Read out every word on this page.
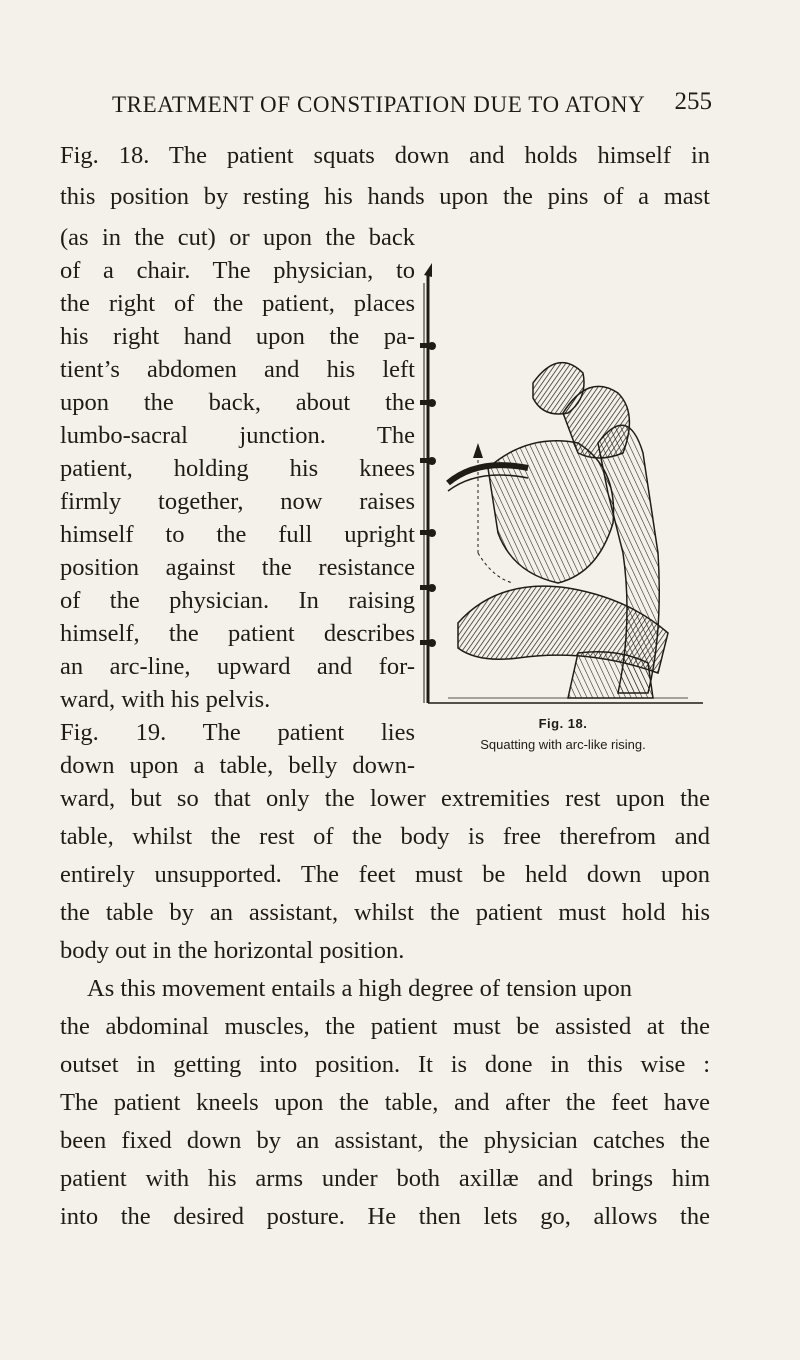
TREATMENT OF CONSTIPATION DUE TO ATONY 255
Fig. 18. The patient squats down and holds himself in
this position by resting his hands upon the pins of a mast
(as in the cut) or upon the back
of a chair. The physician, to
the right of the patient, places
his right hand upon the pa-
tient’s abdomen and his left
upon the back, about the
lumbo-sacral junction. The
patient, holding his knees
firmly together, now raises
himself to the full upright
position against the resistance
of the physician. In raising
himself, the patient describes
an arc-line, upward and for-
ward, with his pelvis.
Fig. 19. The patient lies
down upon a table, belly down-
ward, but so that only the lower extremities rest upon the
table, whilst the rest of the body is free therefrom and
entirely unsupported. The feet must be held down upon
the table by an assistant, whilst the patient must hold his
body out in the horizontal position.
As this movement entails a high degree of tension upon
the abdominal muscles, the patient must be assisted at the
outset in getting into position. It is done in this wise :
The patient kneels upon the table, and after the feet have
been fixed down by an assistant, the physician catches the
patient with his arms under both axillæ and brings him
into the desired posture. He then lets go, allows the
Fig. 18.
Squatting with arc-like rising.
